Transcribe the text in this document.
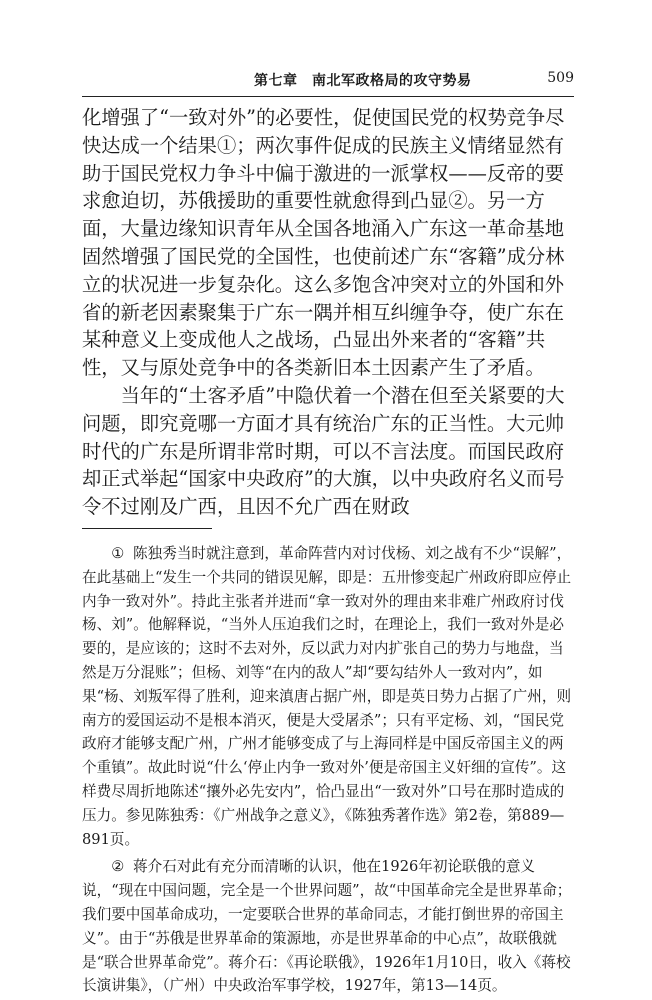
第七章　南北军政格局的攻守势易	509

化增强了“一致对外”的必要性，促使国民党的权势竞争尽快达成一个结果①；两次事件促成的民族主义情绪显然有助于国民党权力争斗中偏于激进的一派掌权——反帝的要求愈迫切，苏俄援助的重要性就愈得到凸显②。另一方面，大量边缘知识青年从全国各地涌入广东这一革命基地固然增强了国民党的全国性，也使前述广东“客籍”成分林立的状况进一步复杂化。这么多饱含冲突对立的外国和外省的新老因素聚集于广东一隅并相互纠缠争夺，使广东在某种意义上变成他人之战场，凸显出外来者的“客籍”共性，又与原处竞争中的各类新旧本土因素产生了矛盾。

当年的“土客矛盾”中隐伏着一个潜在但至关紧要的大问题，即究竟哪一方面才具有统治广东的正当性。大元帅时代的广东是所谓非常时期，可以不言法度。而国民政府却正式举起“国家中央政府”的大旗，以中央政府名义而号令不过刚及广西，且因不允广西在财政

① 陈独秀当时就注意到，革命阵营内对讨伐杨、刘之战有不少“误解”，在此基础上“发生一个共同的错误见解，即是：五卅惨变起广州政府即应停止内争一致对外”。持此主张者并进而“拿一致对外的理由来非难广州政府讨伐杨、刘”。他解释说，“当外人压迫我们之时，在理论上，我们一致对外是必要的，是应该的；这时不去对外，反以武力对内扩张自己的势力与地盘，当然是万分混账”；但杨、刘等“在内的敌人”却“要勾结外人一致对内”，如果“杨、刘叛军得了胜利，迎来滇唐占据广州，即是英日势力占据了广州，则南方的爱国运动不是根本消灭，便是大受屠杀”；只有平定杨、刘，“国民党政府才能够支配广州，广州才能够变成了与上海同样是中国反帝国主义的两个重镇”。故此时说“什么‘停止内争一致对外’便是帝国主义奸细的宣传”。这样费尽周折地陈述“攘外必先安内”，恰凸显出“一致对外”口号在那时造成的压力。参见陈独秀：《广州战争之意义》，《陈独秀著作选》第2卷，第889—891页。

② 蒋介石对此有充分而清晰的认识，他在1926年初论联俄的意义说，“现在中国问题，完全是一个世界问题”，故“中国革命完全是世界革命；我们要中国革命成功，一定要联合世界的革命同志，才能打倒世界的帝国主义”。由于“苏俄是世界革命的策源地，亦是世界革命的中心点”，故联俄就是“联合世界革命党”。蒋介石：《再论联俄》，1926年1月10日，收入《蒋校长演讲集》，（广州）中央政治军事学校，1927年，第13—14页。
